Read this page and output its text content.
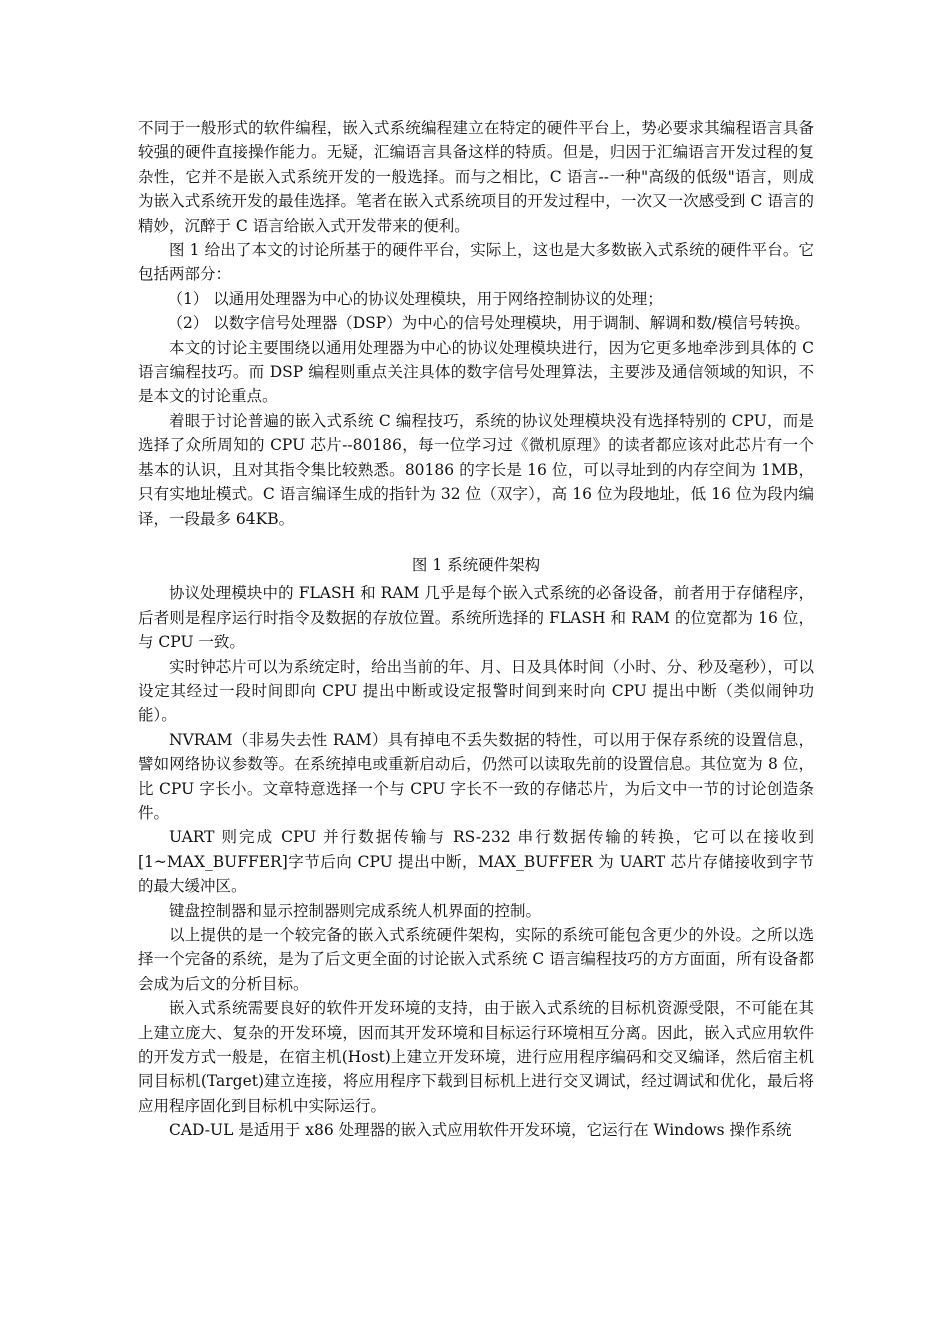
不同于一般形式的软件编程，嵌入式系统编程建立在特定的硬件平台上，势必要求其编程语言具备较强的硬件直接操作能力。无疑，汇编语言具备这样的特质。但是，归因于汇编语言开发过程的复杂性，它并不是嵌入式系统开发的一般选择。而与之相比，C 语言--一种"高级的低级"语言，则成为嵌入式系统开发的最佳选择。笔者在嵌入式系统项目的开发过程中，一次又一次感受到 C 语言的精妙，沉醉于 C 语言给嵌入式开发带来的便利。

图 1 给出了本文的讨论所基于的硬件平台，实际上，这也是大多数嵌入式系统的硬件平台。它包括两部分：

（1） 以通用处理器为中心的协议处理模块，用于网络控制协议的处理；

（2） 以数字信号处理器（DSP）为中心的信号处理模块，用于调制、解调和数/模信号转换。

本文的讨论主要围绕以通用处理器为中心的协议处理模块进行，因为它更多地牵涉到具体的 C 语言编程技巧。而 DSP 编程则重点关注具体的数字信号处理算法，主要涉及通信领域的知识，不是本文的讨论重点。

着眼于讨论普遍的嵌入式系统 C 编程技巧，系统的协议处理模块没有选择特别的 CPU，而是选择了众所周知的 CPU 芯片--80186，每一位学习过《微机原理》的读者都应该对此芯片有一个基本的认识，且对其指令集比较熟悉。80186 的字长是 16 位，可以寻址到的内存空间为 1MB，只有实地址模式。C 语言编译生成的指针为 32 位（双字），高 16 位为段地址，低 16 位为段内编译，一段最多 64KB。

图 1 系统硬件架构

协议处理模块中的 FLASH 和 RAM 几乎是每个嵌入式系统的必备设备，前者用于存储程序，后者则是程序运行时指令及数据的存放位置。系统所选择的 FLASH 和 RAM 的位宽都为 16 位，与 CPU 一致。

实时钟芯片可以为系统定时，给出当前的年、月、日及具体时间（小时、分、秒及毫秒），可以设定其经过一段时间即向 CPU 提出中断或设定报警时间到来时向 CPU 提出中断（类似闹钟功能）。

NVRAM（非易失去性 RAM）具有掉电不丢失数据的特性，可以用于保存系统的设置信息，譬如网络协议参数等。在系统掉电或重新启动后，仍然可以读取先前的设置信息。其位宽为 8 位，比 CPU 字长小。文章特意选择一个与 CPU 字长不一致的存储芯片，为后文中一节的讨论创造条件。

UART 则完成 CPU 并行数据传输与 RS-232 串行数据传输的转换，它可以在接收到[1~MAX_BUFFER]字节后向 CPU 提出中断，MAX_BUFFER 为 UART 芯片存储接收到字节的最大缓冲区。

键盘控制器和显示控制器则完成系统人机界面的控制。

以上提供的是一个较完备的嵌入式系统硬件架构，实际的系统可能包含更少的外设。之所以选择一个完备的系统，是为了后文更全面的讨论嵌入式系统 C 语言编程技巧的方方面面，所有设备都会成为后文的分析目标。

嵌入式系统需要良好的软件开发环境的支持，由于嵌入式系统的目标机资源受限，不可能在其上建立庞大、复杂的开发环境，因而其开发环境和目标运行环境相互分离。因此，嵌入式应用软件的开发方式一般是，在宿主机(Host)上建立开发环境，进行应用程序编码和交叉编译，然后宿主机同目标机(Target)建立连接，将应用程序下载到目标机上进行交叉调试，经过调试和优化，最后将应用程序固化到目标机中实际运行。

CAD-UL 是适用于 x86 处理器的嵌入式应用软件开发环境，它运行在 Windows 操作系统
